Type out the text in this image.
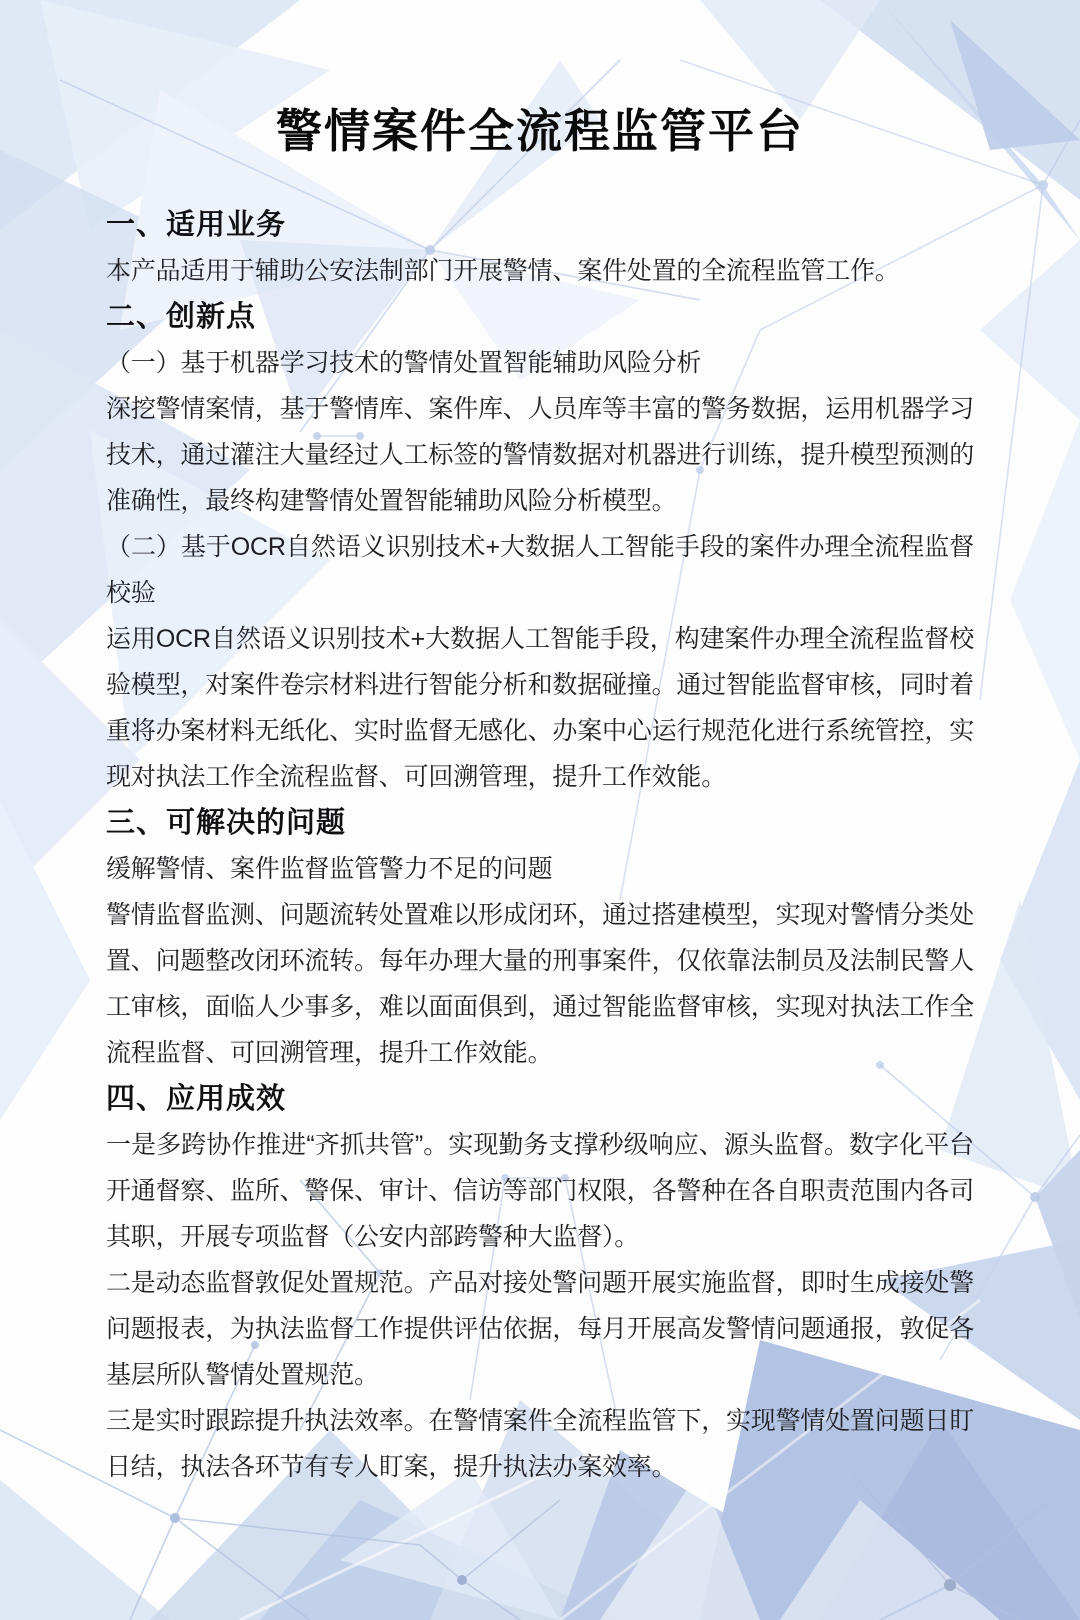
警情案件全流程监管平台
一、适用业务

本产品适用于辅助公安法制部门开展警情、案件处置的全流程监管工作。

二、创新点

（一）基于机器学习技术的警情处置智能辅助风险分析

深挖警情案情，基于警情库、案件库、人员库等丰富的警务数据，运用机器学习技术，通过灌注大量经过人工标签的警情数据对机器进行训练，提升模型预测的准确性，最终构建警情处置智能辅助风险分析模型。

（二）基于OCR自然语义识别技术+大数据人工智能手段的案件办理全流程监督校验

运用OCR自然语义识别技术+大数据人工智能手段，构建案件办理全流程监督校验模型，对案件卷宗材料进行智能分析和数据碰撞。通过智能监督审核，同时着重将办案材料无纸化、实时监督无感化、办案中心运行规范化进行系统管控，实现对执法工作全流程监督、可回溯管理，提升工作效能。

三、可解决的问题

缓解警情、案件监督监管警力不足的问题

警情监督监测、问题流转处置难以形成闭环，通过搭建模型，实现对警情分类处置、问题整改闭环流转。每年办理大量的刑事案件，仅依靠法制员及法制民警人工审核，面临人少事多，难以面面俱到，通过智能监督审核，实现对执法工作全流程监督、可回溯管理，提升工作效能。

四、应用成效

一是多跨协作推进“齐抓共管”。实现勤务支撑秒级响应、源头监督。数字化平台开通督察、监所、警保、审计、信访等部门权限，各警种在各自职责范围内各司其职，开展专项监督（公安内部跨警种大监督）。

二是动态监督敦促处置规范。产品对接处警问题开展实施监督，即时生成接处警问题报表，为执法监督工作提供评估依据，每月开展高发警情问题通报，敦促各基层所队警情处置规范。

三是实时跟踪提升执法效率。在警情案件全流程监管下，实现警情处置问题日盯日结，执法各环节有专人盯案，提升执法办案效率。
